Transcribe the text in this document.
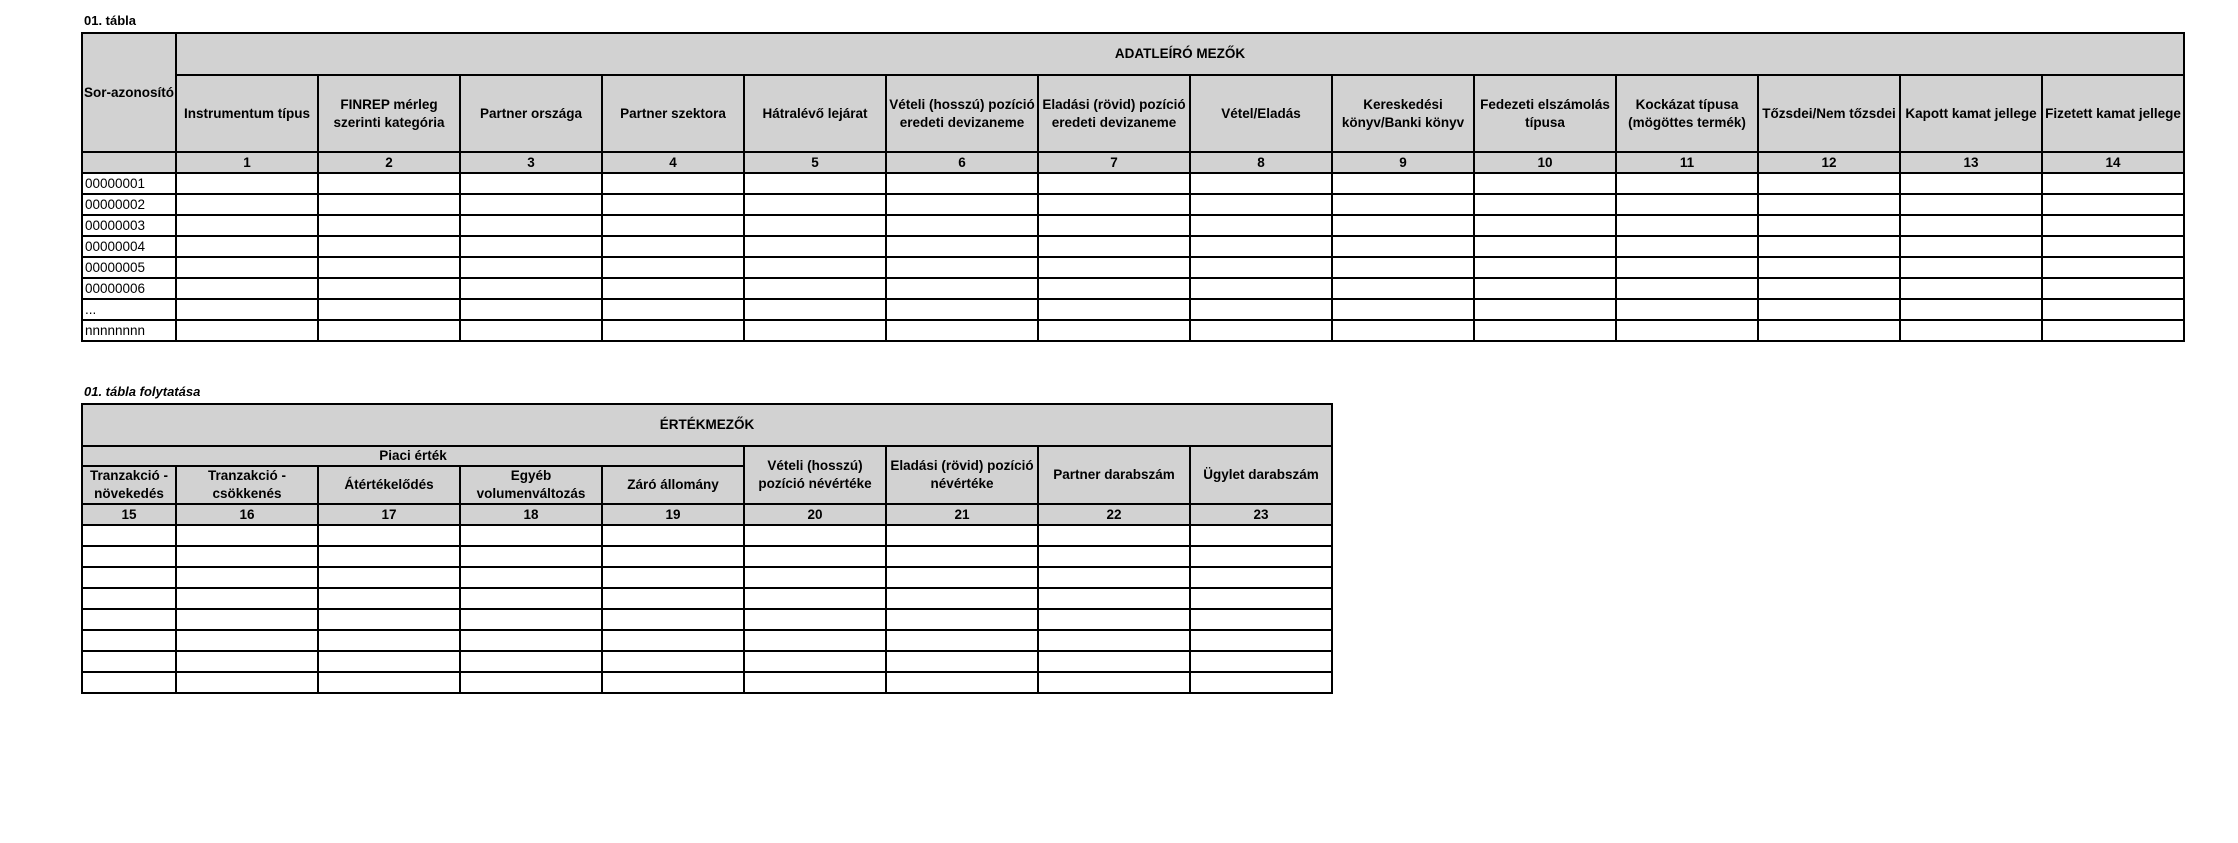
01. tábla
Sor-azonosító	ADATLEÍRÓ MEZŐK													
	Instrumentum típus	FINREP mérleg szerinti kategória	Partner országa	Partner szektora	Hátralévő lejárat	Vételi (hosszú) pozíció eredeti devizaneme	Eladási (rövid) pozíció eredeti devizaneme	Vétel/Eladás	Kereskedési könyv/Banki könyv	Fedezeti elszámolás típusa	Kockázat típusa (mögöttes termék)	Tőzsdei/Nem tőzsdei	Kapott kamat jellege	Fizetett kamat jellege
	1	2	3	4	5	6	7	8	9	10	11	12	13	14
00000001														
00000002														
00000003														
00000004														
00000005														
00000006														
...														
nnnnnnnn														
01. tábla folytatása
ÉRTÉKMEZŐK								
Piaci érték					Vételi (hosszú) pozíció névértéke	Eladási (rövid) pozíció névértéke	Partner darabszám	Ügylet darabszám
Tranzakció - növekedés	Tranzakció - csökkenés	Átértékelődés	Egyéb volumenváltozás	Záró állomány				
15	16	17	18	19	20	21	22	23
